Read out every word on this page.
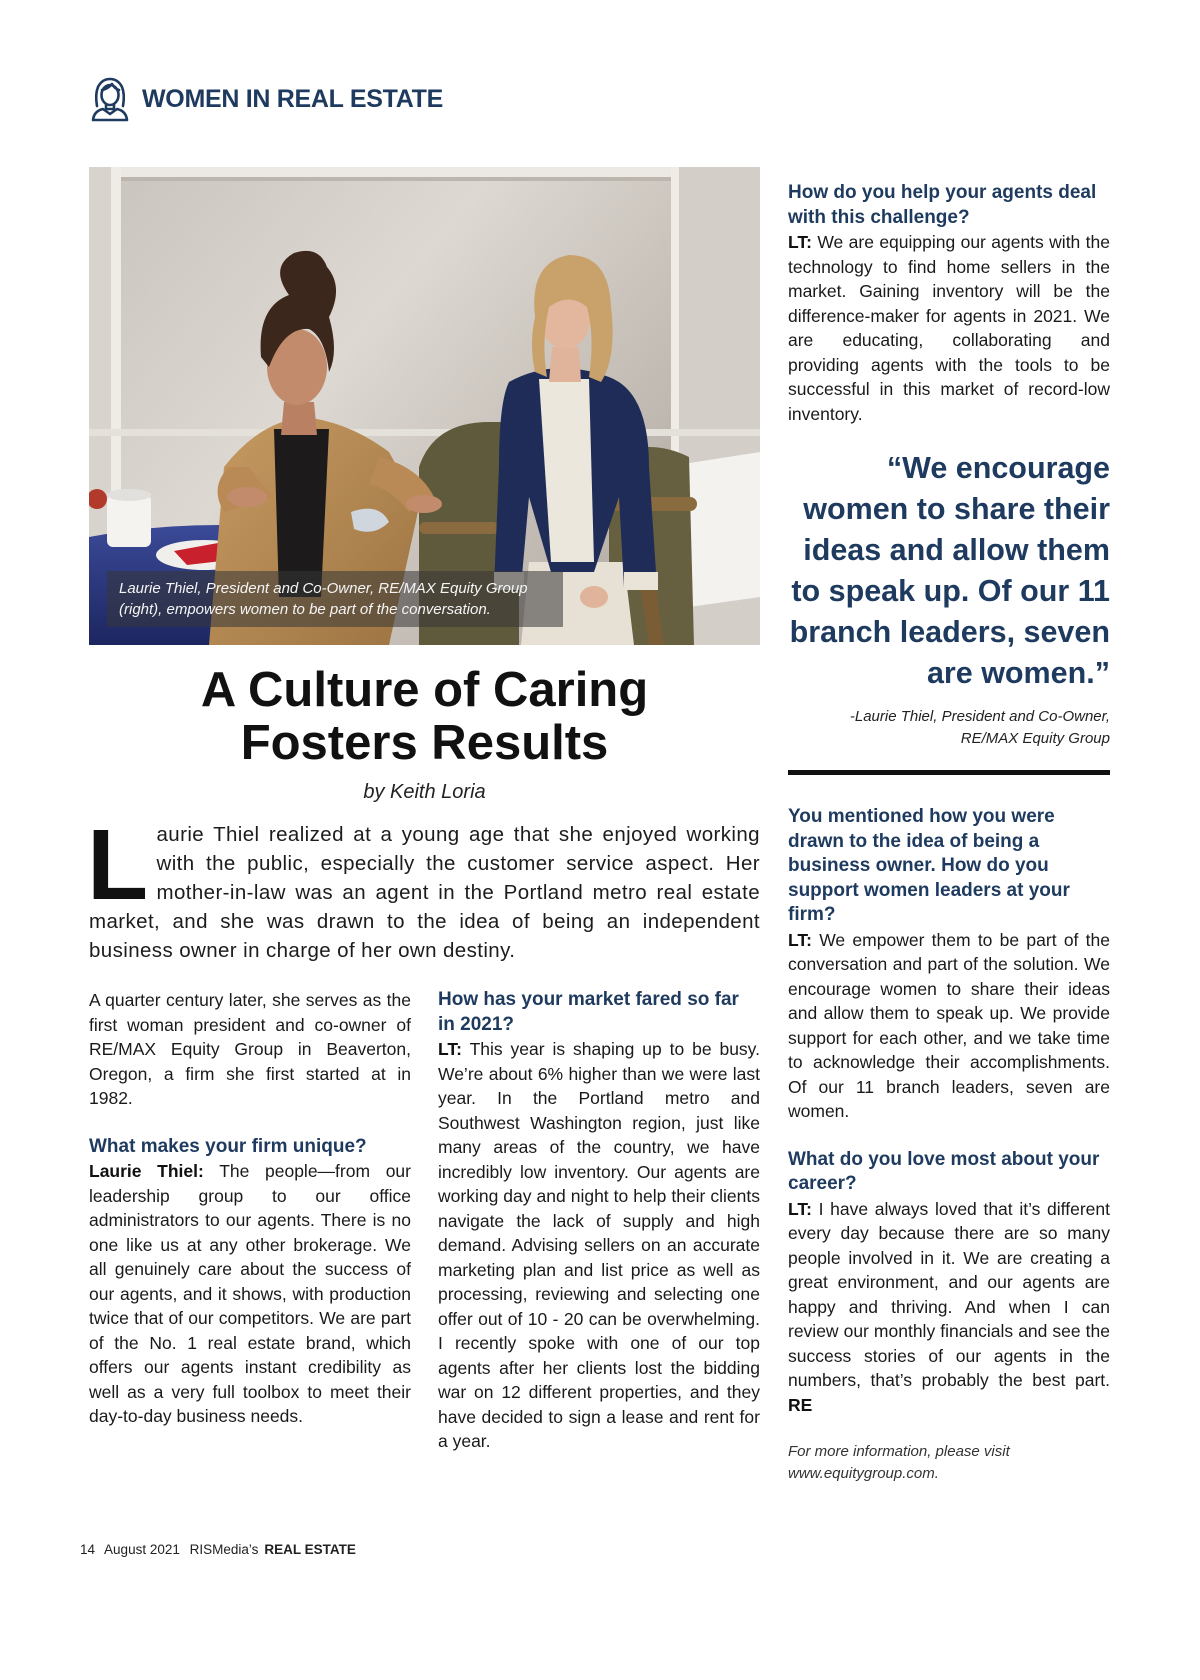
WOMEN IN REAL ESTATE
Laurie Thiel, President and Co-Owner, RE/MAX Equity Group (right), empowers women to be part of the conversation.
A Culture of Caring
Fosters Results
by Keith Loria

Laurie Thiel realized at a young age that she enjoyed working with the public, especially the customer service aspect. Her mother-in-law was an agent in the Portland metro real estate market, and she was drawn to the idea of being an independent business owner in charge of her own destiny.

A quarter century later, she serves as the first woman president and co-owner of RE/MAX Equity Group in Beaverton, Oregon, a firm she first started at in 1982.

What makes your firm unique?

Laurie Thiel: The people—from our leadership group to our office administrators to our agents. There is no one like us at any other brokerage. We all genuinely care about the success of our agents, and it shows, with production twice that of our competitors. We are part of the No. 1 real estate brand, which offers our agents instant credibility as well as a very full toolbox to meet their day-to-day business needs.

How has your market fared so far in 2021?

LT: This year is shaping up to be busy. We’re about 6% higher than we were last year. In the Portland metro and Southwest Washington region, just like many areas of the country, we have incredibly low inventory. Our agents are working day and night to help their clients navigate the lack of supply and high demand. Advising sellers on an accurate marketing plan and list price as well as processing, reviewing and selecting one offer out of 10 - 20 can be overwhelming. I recently spoke with one of our top agents after her clients lost the bidding war on 12 different properties, and they have decided to sign a lease and rent for a year.

How do you help your agents deal with this challenge?

LT: We are equipping our agents with the technology to find home sellers in the market. Gaining inventory will be the difference-maker for agents in 2021. We are educating, collaborating and providing agents with the tools to be successful in this market of record-low inventory.

“We encourage women to share their ideas and allow them to speak up. Of our 11 branch leaders, seven are women.”
-Laurie Thiel, President and Co-Owner, RE/MAX Equity Group
You mentioned how you were drawn to the idea of being a business owner. How do you support women leaders at your firm?

LT: We empower them to be part of the conversation and part of the solution. We encourage women to share their ideas and allow them to speak up. We provide support for each other, and we take time to acknowledge their accomplishments. Of our 11 branch leaders, seven are women.

What do you love most about your career?

LT: I have always loved that it’s different every day because there are so many people involved in it. We are creating a great environment, and our agents are happy and thriving. And when I can review our monthly financials and see the success stories of our agents in the numbers, that’s probably the best part. RE

For more information, please visit www.equitygroup.com.

14 August 2021 RISMedia’s REAL ESTATE
